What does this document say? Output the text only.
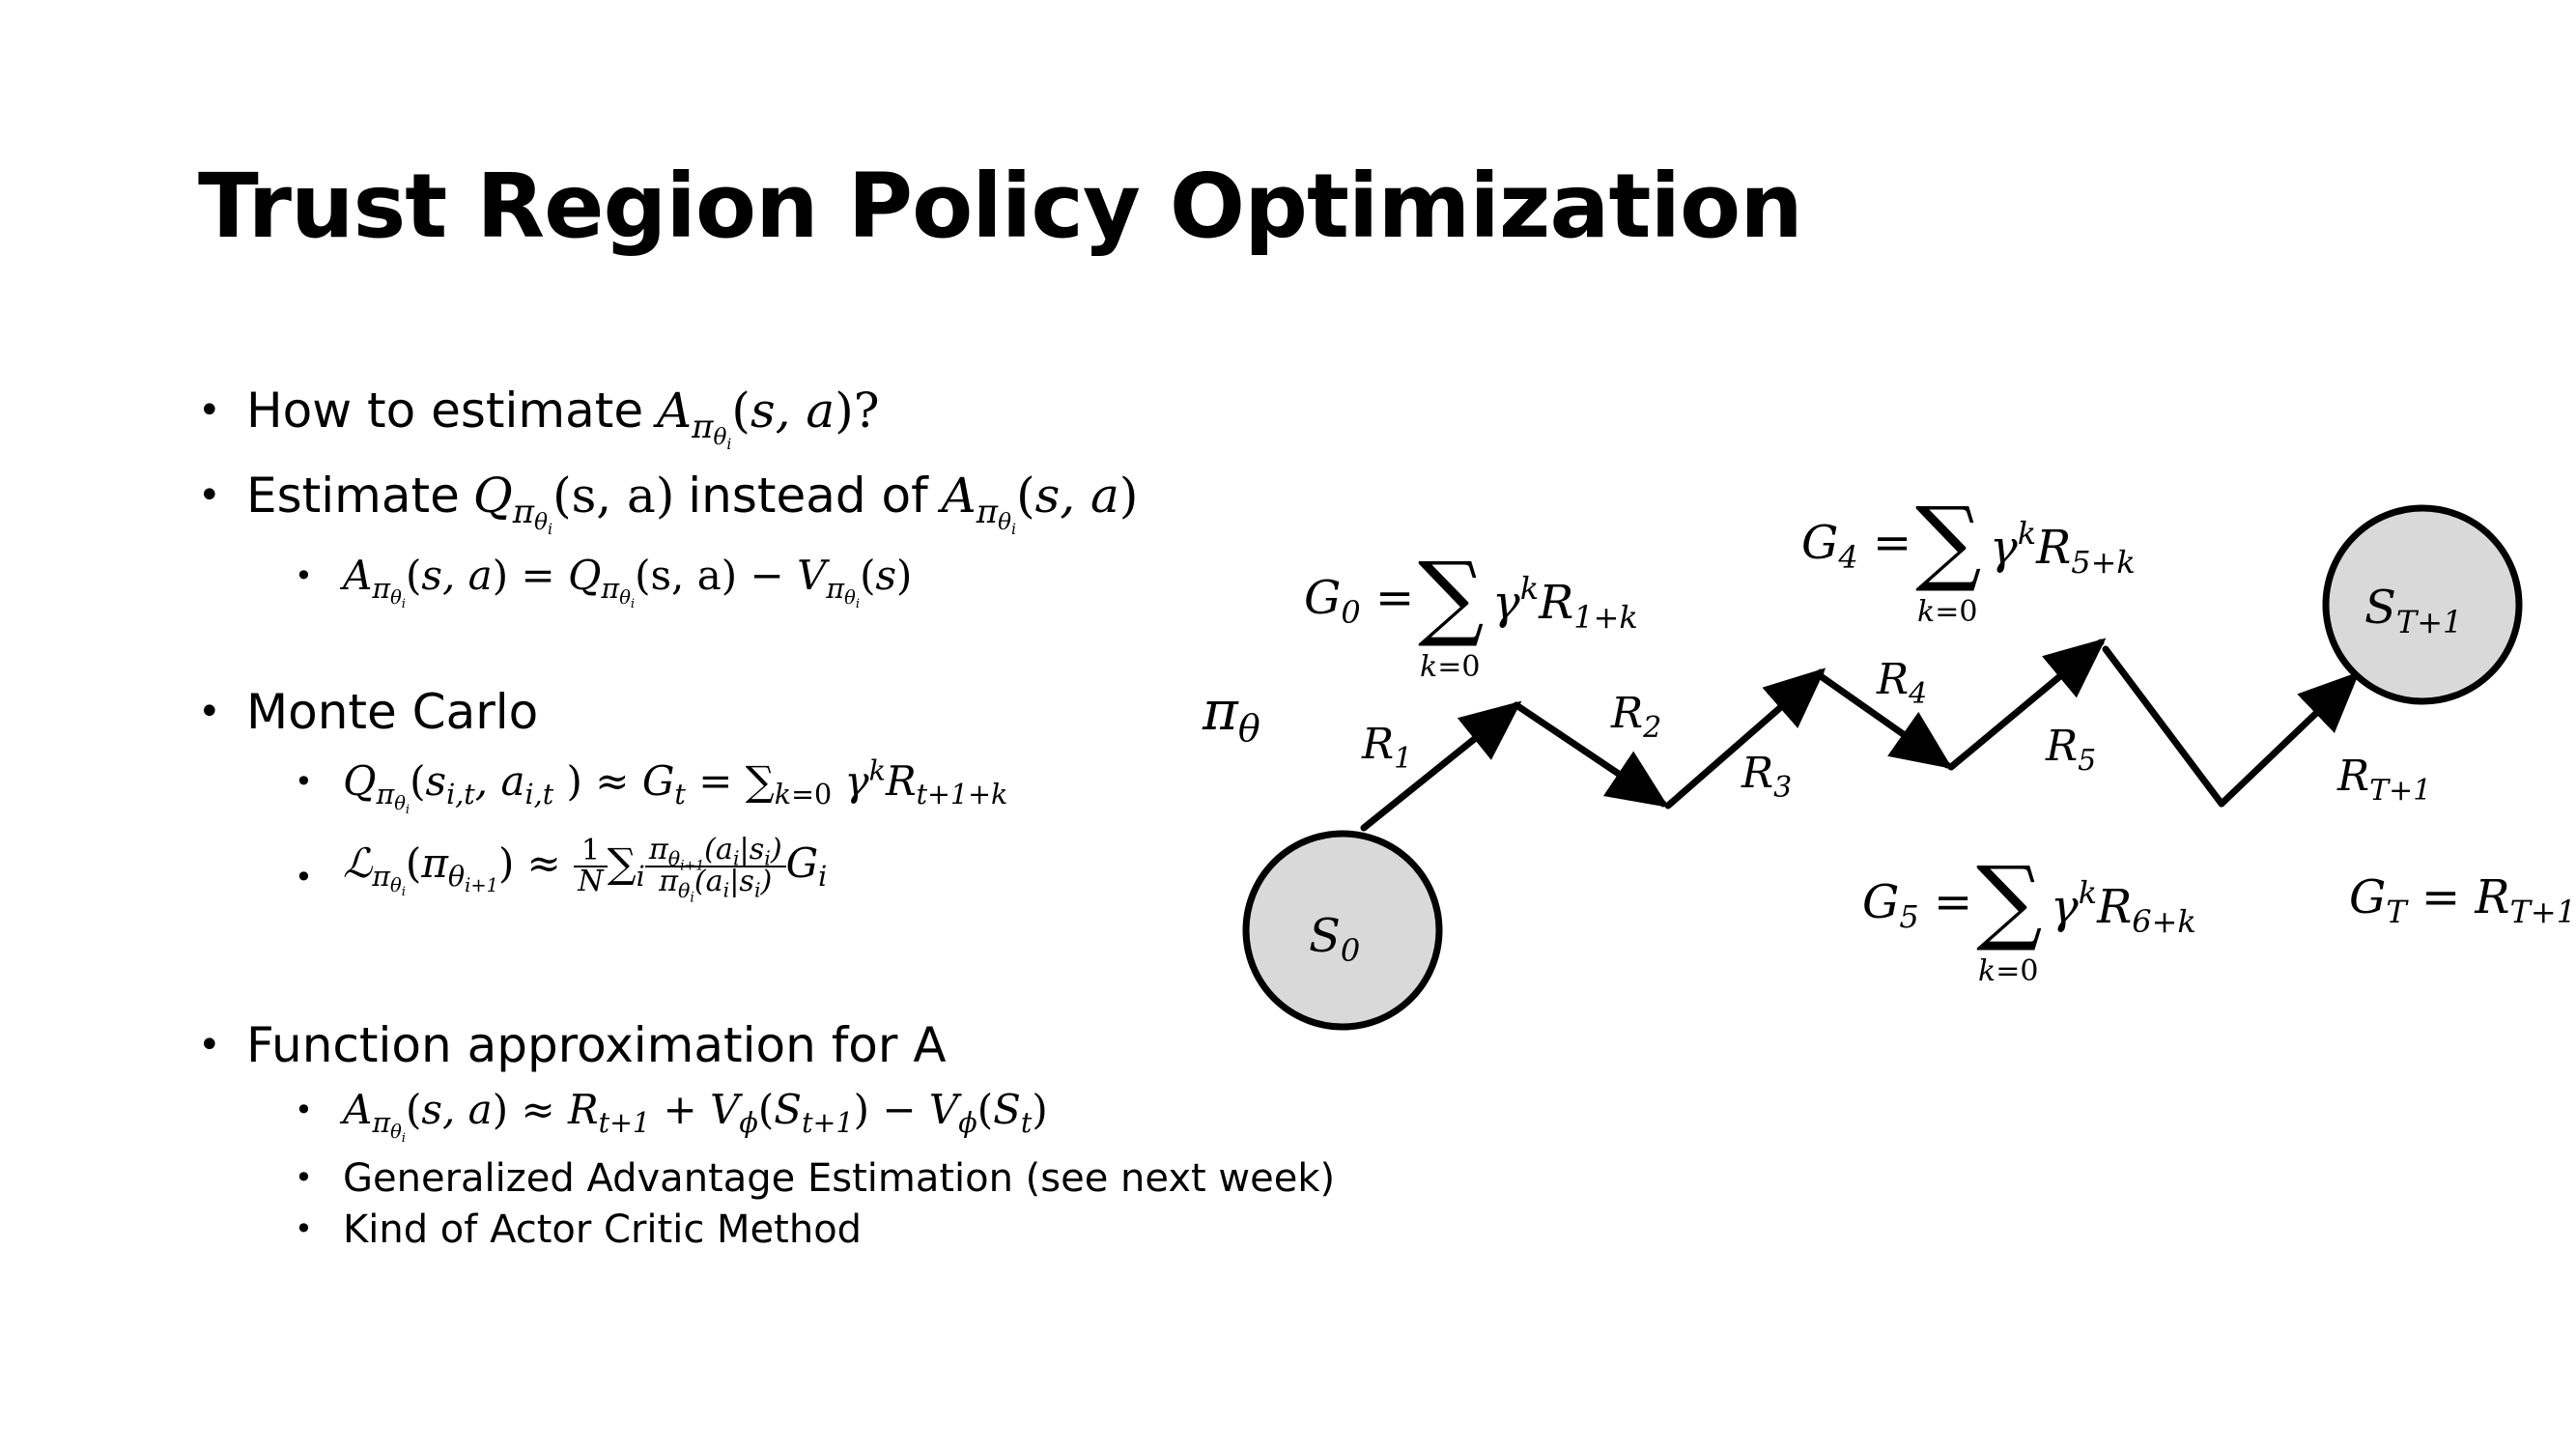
Trust Region Policy Optimization
• How to estimate $A_{\pi_{\theta_i}}(s$, a)?
• Estimate $Q_{\pi_{\theta_i}}(s$, a) instead of $A_{\pi_{\theta_i}}(s$, a)
• $A_{\pi_{\theta_i}}(s$, $a) = Q_{\pi_{\theta_i}}(s$, $a) - V_{\pi_{\theta_i}}(s)$
• Monte Carlo
• $Q_{\pi_{\theta_i}}(s_{i,t}$, $a_{i,t}$ ) ≈ $G_t = \sum_{k=0}$ $\gamma^kR_{t+1+k}$
• $ℒ_{\pi_{\theta_i}}(\pi_{\theta_{i+1}}) \approx \frac{1}{N} \sum_i \frac{\pi_{\theta_{i+1}}(a_i|s_i)}{\pi_{\theta_i}(a_i|s_i)} G_i$
• Function approximation for A
• $A_{\pi_{\theta_i}}(s$, $a) \approx R_{t+1} + V_\phi(S_{t+1}) - V_\phi(S_t)$
• Generalized Advantage Estimation (see next week)
• Kind of Actor Critic Method
$S_0$
$S_{T+1}$
$\pi_\theta$ $R_1$
$R_2$
$R_3$
$R_4$
$R_5$	$R_{T+1}$
$G_0$ = ∑
k=0
$\gamma^kR_{1+k}$
$G_4$ = ∑
k=0
$\gamma^kR_{5+k}$
$G_5$ = ∑
k=0
$\gamma^kR_{6+k}$	$G_T = R_{T+1}$
